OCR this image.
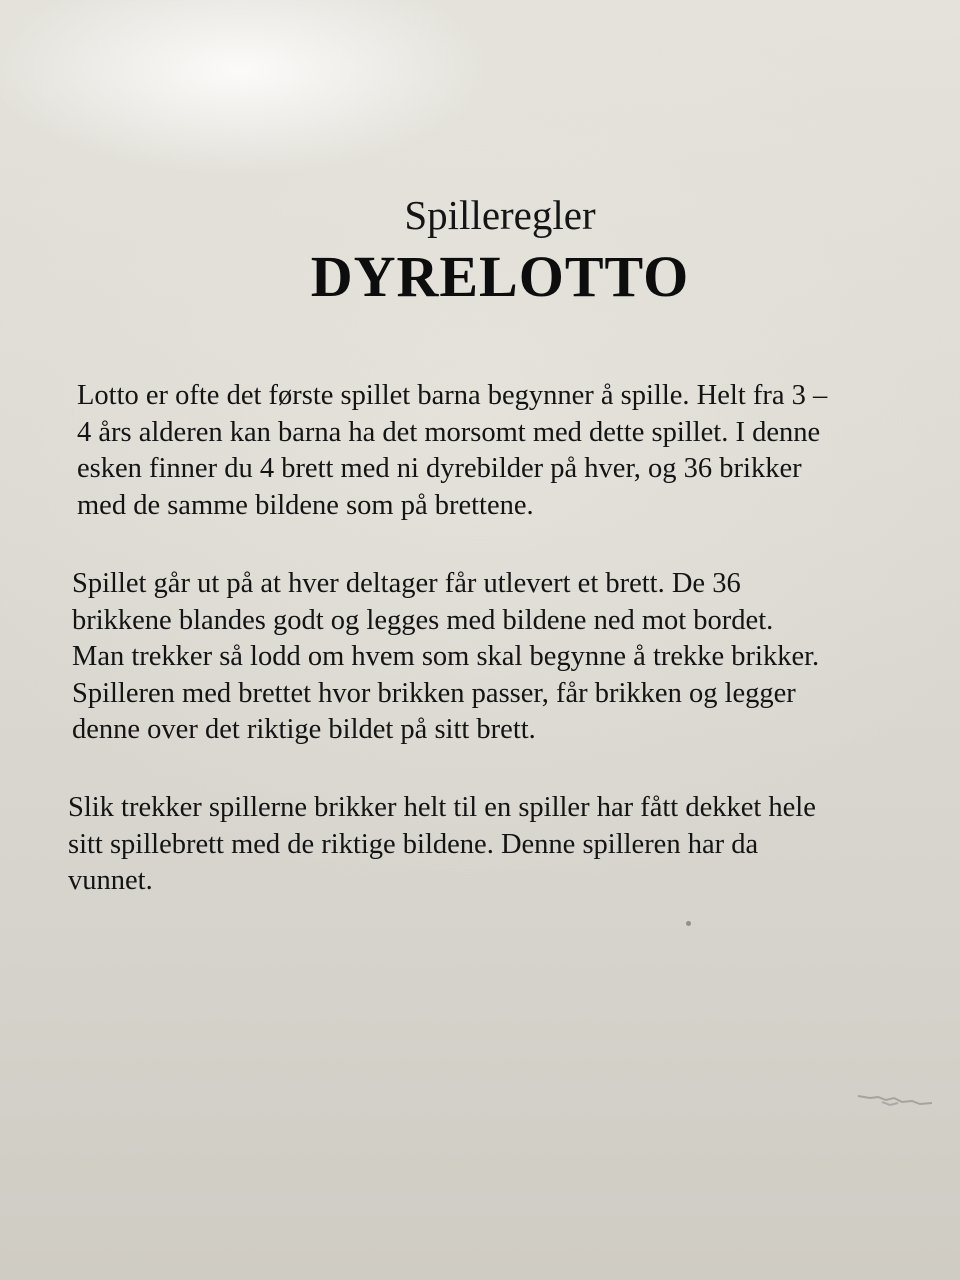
Spilleregler
DYRELOTTO

Lotto er ofte det første spillet barna begynner å spille. Helt fra 3 –
4 års alderen kan barna ha det morsomt med dette spillet. I denne
esken finner du 4 brett med ni dyrebilder på hver, og 36 brikker
med de samme bildene som på brettene.

Spillet går ut på at hver deltager får utlevert et brett. De 36
brikkene blandes godt og legges med bildene ned mot bordet.
Man trekker så lodd om hvem som skal begynne å trekke brikker.
Spilleren med brettet hvor brikken passer, får brikken og legger
denne over det riktige bildet på sitt brett.

Slik trekker spillerne brikker helt til en spiller har fått dekket hele
sitt spillebrett med de riktige bildene. Denne spilleren har da
vunnet.
